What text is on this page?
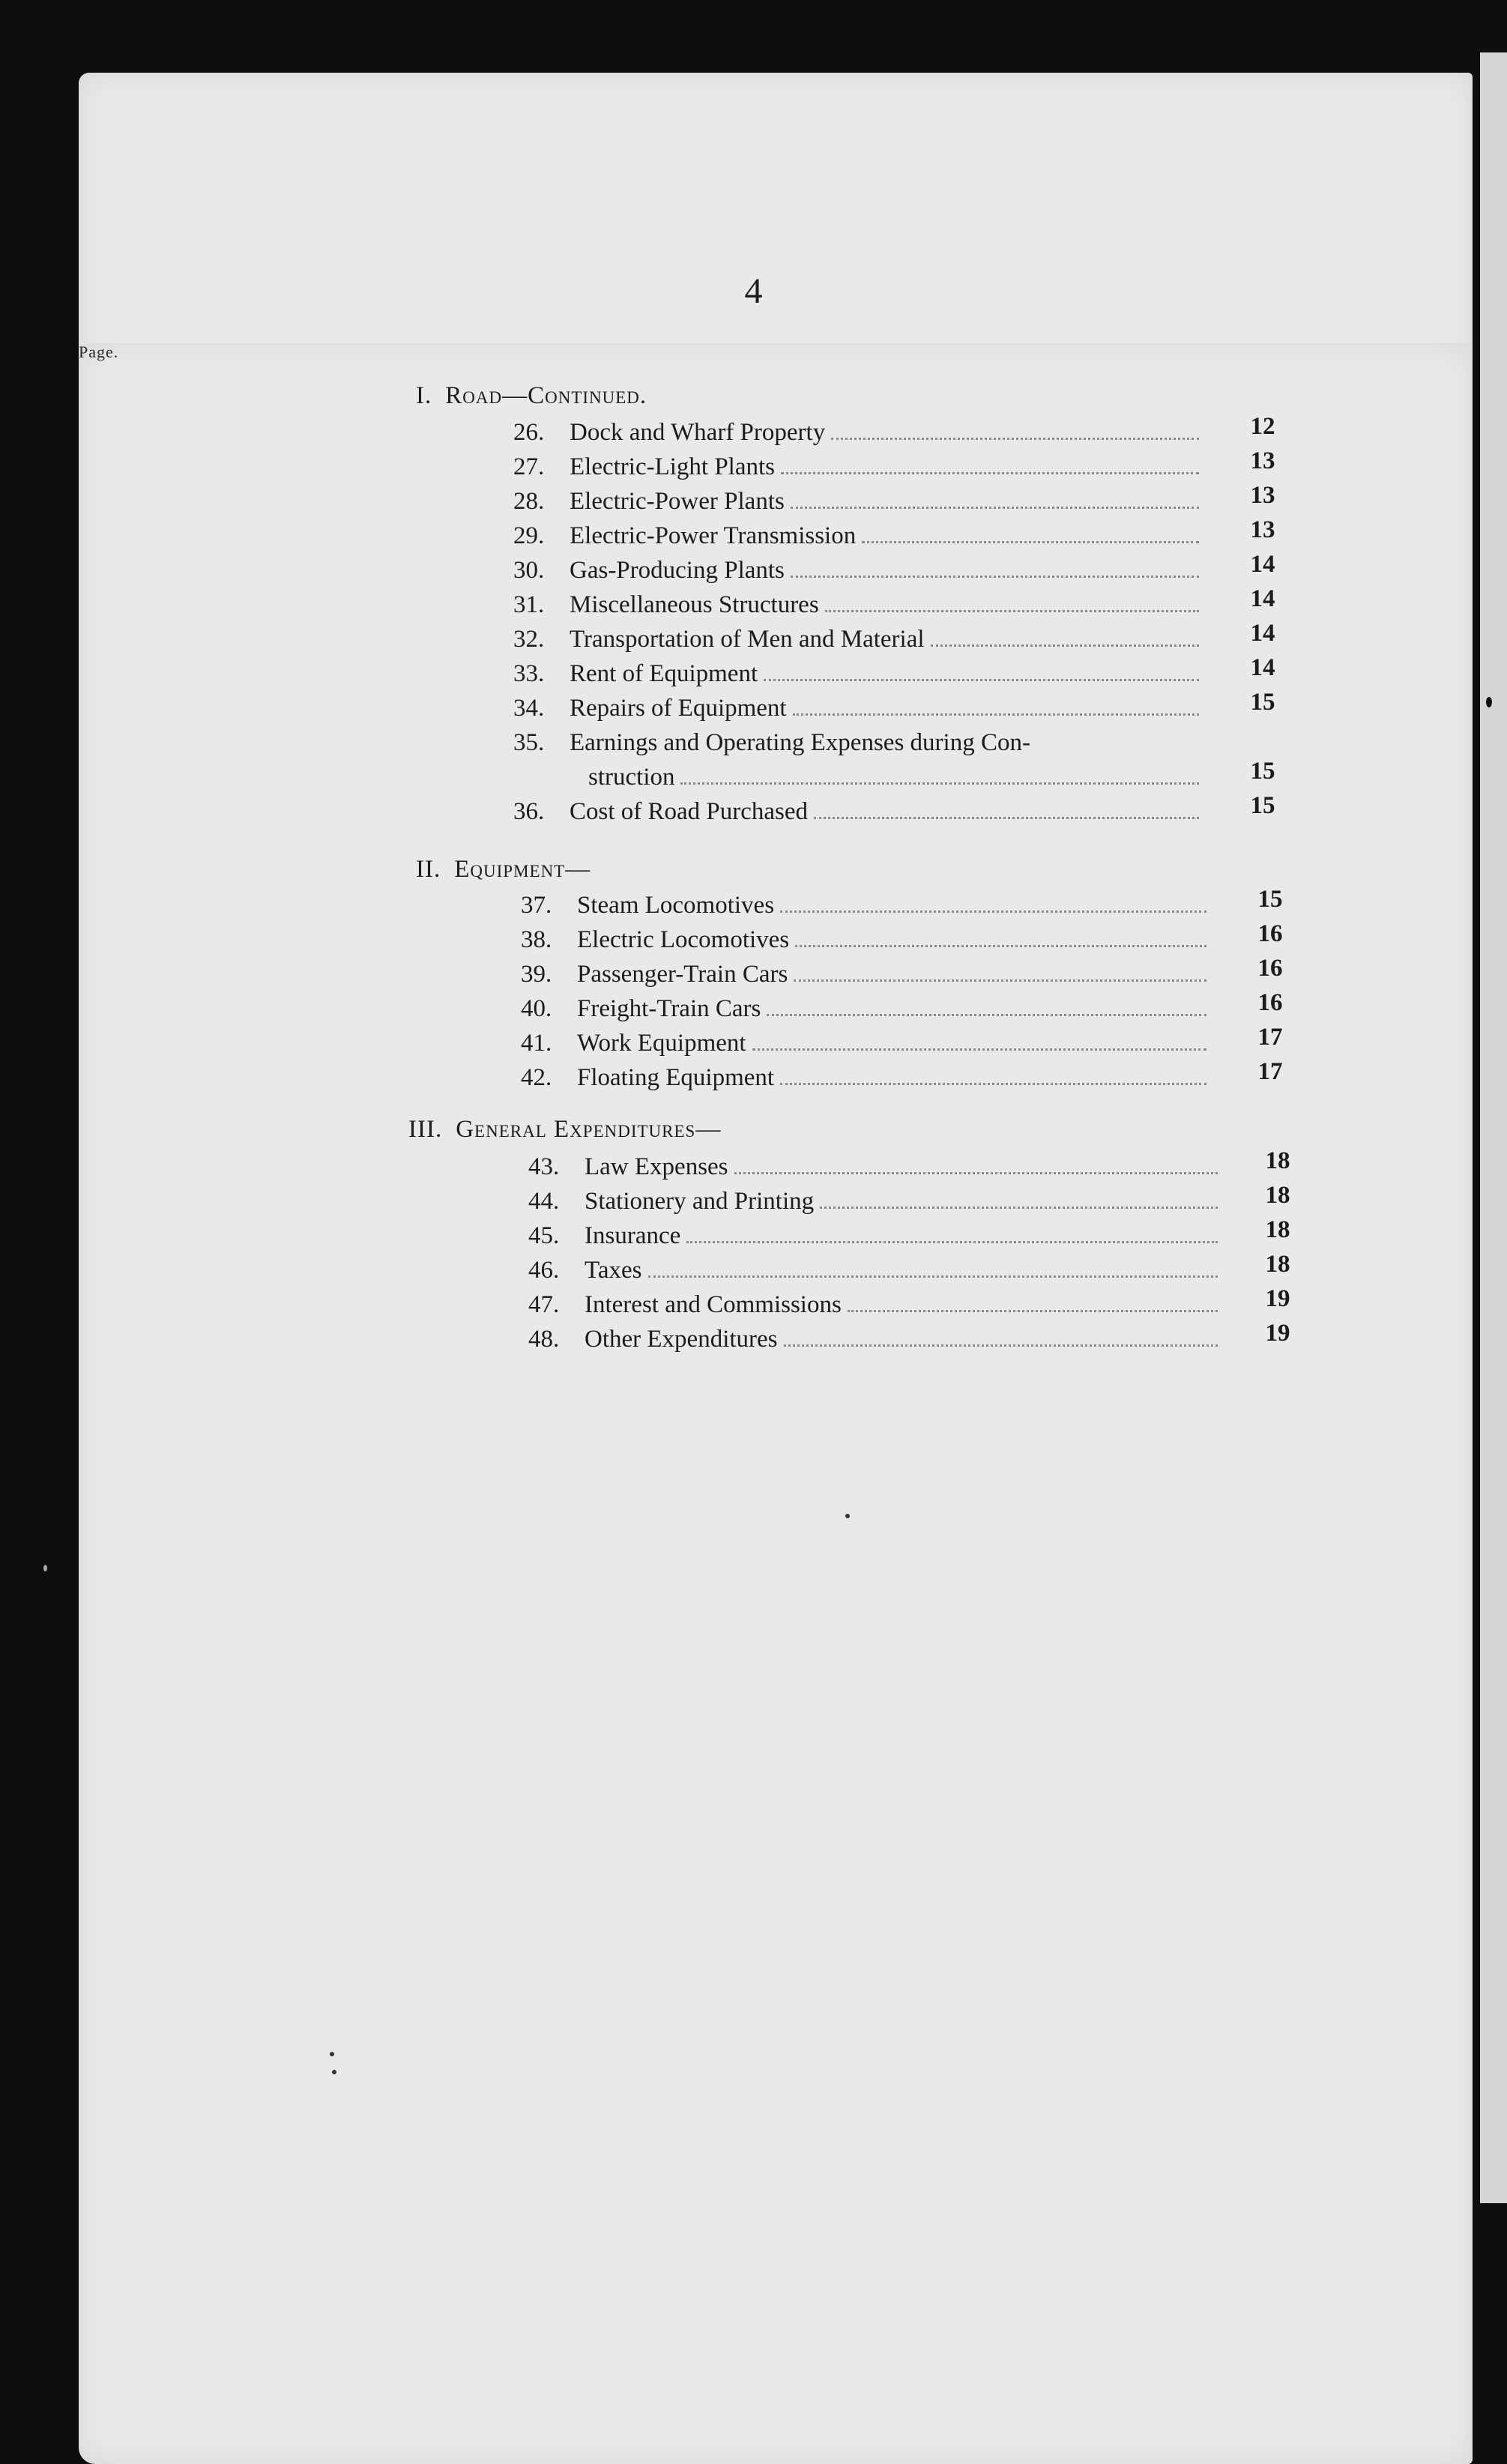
4
Page.
I. Road—Continued.
26.	Dock and Wharf Property	12
27.	Electric-Light Plants	13
28.	Electric-Power Plants	13
29.	Electric-Power Transmission	13
30.	Gas-Producing Plants	14
31.	Miscellaneous Structures	14
32.	Transportation of Men and Material	14
33.	Rent of Equipment	14
34.	Repairs of Equipment	15
35.	Earnings and Operating Expenses during Con-
struction	15
36.	Cost of Road Purchased	15
II. Equipment—
37.	Steam Locomotives	15
38.	Electric Locomotives	16
39.	Passenger-Train Cars	16
40.	Freight-Train Cars	16
41.	Work Equipment	17
42.	Floating Equipment	17
III. General Expenditures—
43.	Law Expenses	18
44.	Stationery and Printing	18
45.	Insurance	18
46.	Taxes	18
47.	Interest and Commissions	19
48.	Other Expenditures	19
